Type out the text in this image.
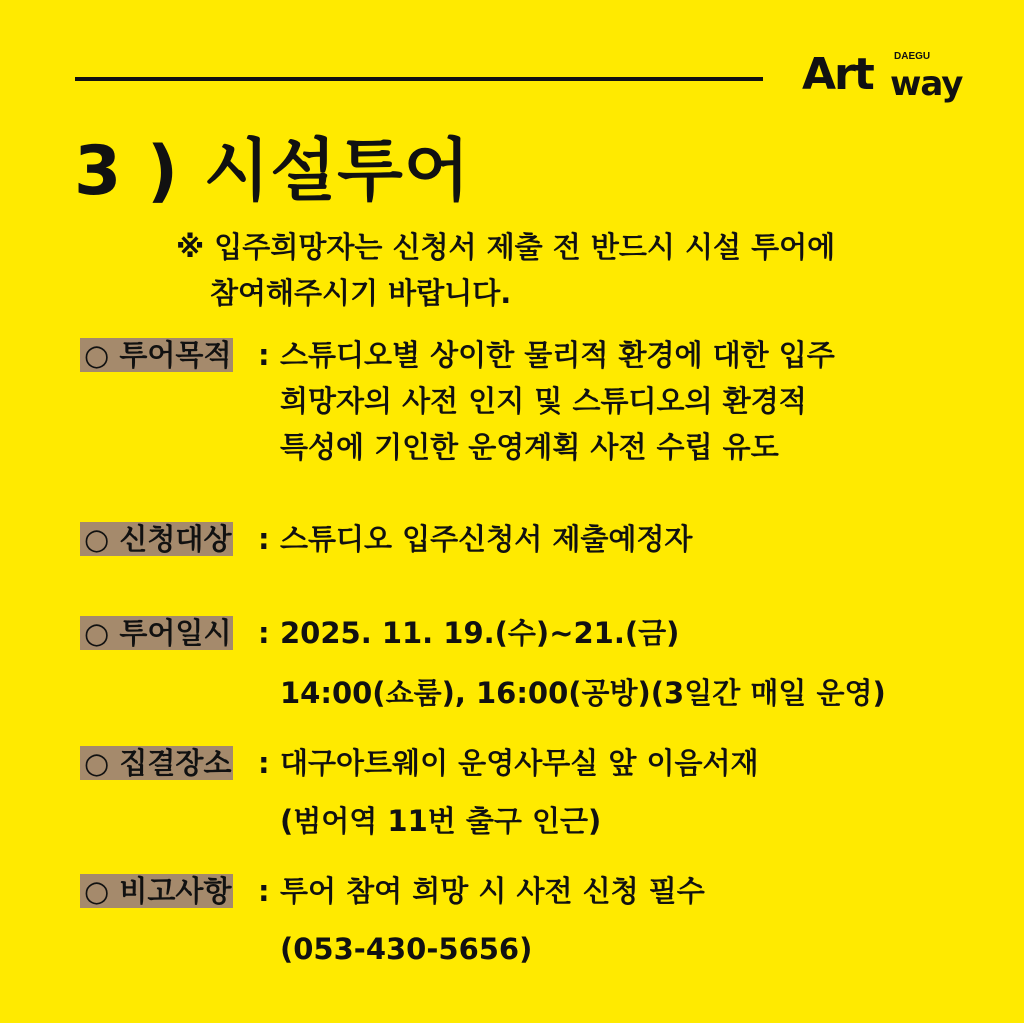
Art DAEGU
way
3 ) 시설투어
※ 입주희망자는 신청서 제출 전 반드시 시설 투어에
참여해주시기 바랍니다.
○ 투어목적 : 스튜디오별 상이한 물리적 환경에 대한 입주
희망자의 사전 인지 및 스튜디오의 환경적
특성에 기인한 운영계획 사전 수립 유도
○ 신청대상 : 스튜디오 입주신청서 제출예정자
○ 투어일시 : 2025. 11. 19.(수)~21.(금)
14:00(쇼룸), 16:00(공방)(3일간 매일 운영)
○ 집결장소 : 대구아트웨이 운영사무실 앞 이음서재
(범어역 11번 출구 인근)
○ 비고사항 : 투어 참여 희망 시 사전 신청 필수
(053-430-5656)
